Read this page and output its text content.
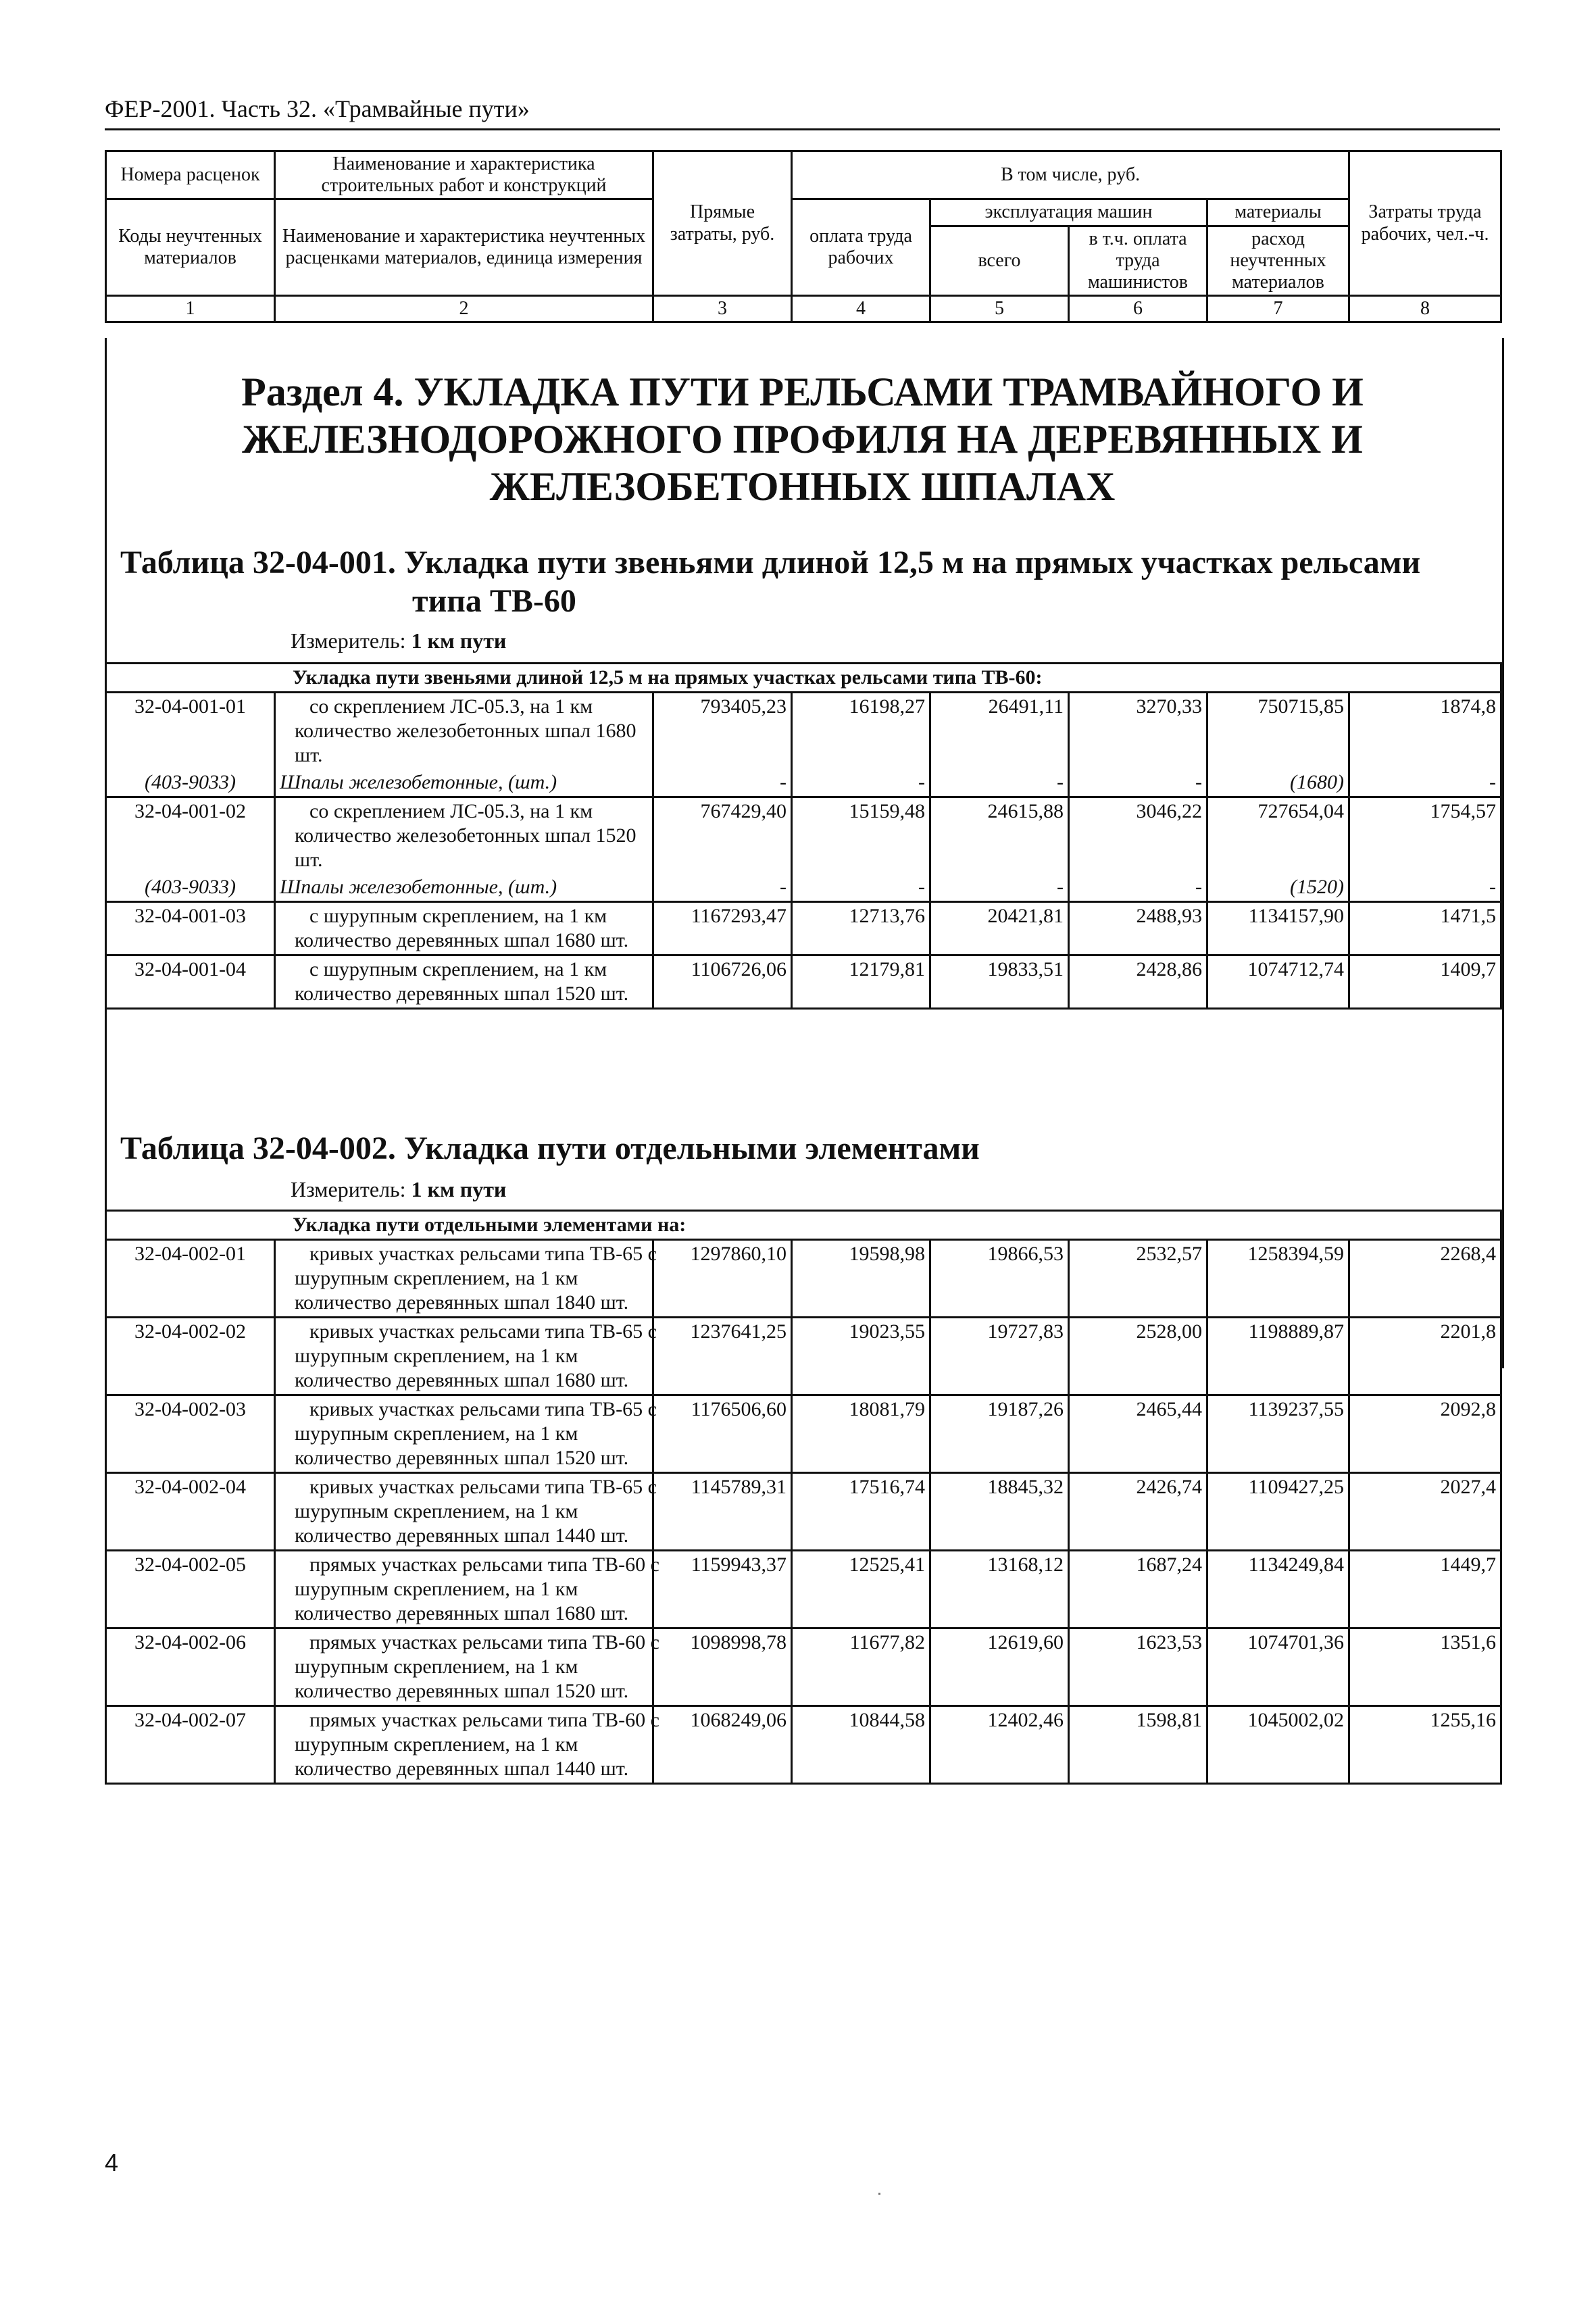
ФЕР-2001. Часть 32. «Трамвайные пути»
Номера расценок	Наименование и характеристика строительных работ и конструкций	Прямые затраты, руб.	В том числе, руб.				Затраты труда рабочих, чел.-ч.
Коды неучтенных материалов	Наименование и характеристика неучтенных расценками материалов, единица измерения		оплата труда рабочих	эксплуатация машин		материалы	
				всего	в т.ч. оплата труда машинистов	расход неучтенных материалов	
1	2	3	4	5	6	7	8
Раздел 4. УКЛАДКА ПУТИ РЕЛЬСАМИ ТРАМВАЙНОГО И ЖЕЛЕЗНОДОРОЖНОГО ПРОФИЛЯ НА ДЕРЕВЯННЫХ И ЖЕЛЕЗОБЕТОННЫХ ШПАЛАХ
Таблица 32-04-001. Укладка пути звеньями длиной 12,5 м на прямых участках рельсами
типа ТВ-60
Измеритель: 1 км пути
Укладка пути звеньями длиной 12,5 м на прямых участках рельсами типа ТВ-60:							
32-04-001-01	со скреплением ЛС-05.3, на 1 км количество железобетонных шпал 1680 шт.	793405,23	16198,27	26491,11	3270,33	750715,85	1874,8
(403-9033)	Шпалы железобетонные, (шт.)	-	-	-	-	(1680)	-
32-04-001-02	со скреплением ЛС-05.3, на 1 км количество железобетонных шпал 1520 шт.	767429,40	15159,48	24615,88	3046,22	727654,04	1754,57
(403-9033)	Шпалы железобетонные, (шт.)	-	-	-	-	(1520)	-
32-04-001-03	с шурупным скреплением, на 1 км количество деревянных шпал 1680 шт.	1167293,47	12713,76	20421,81	2488,93	1134157,90	1471,5
32-04-001-04	с шурупным скреплением, на 1 км количество деревянных шпал 1520 шт.	1106726,06	12179,81	19833,51	2428,86	1074712,74	1409,7
Таблица 32-04-002. Укладка пути отдельными элементами
Измеритель: 1 км пути
Укладка пути отдельными элементами на:							
32-04-002-01	кривых участках рельсами типа ТВ-65 с шурупным скреплением, на 1 км количество деревянных шпал 1840 шт.	1297860,10	19598,98	19866,53	2532,57	1258394,59	2268,4
32-04-002-02	кривых участках рельсами типа ТВ-65 с шурупным скреплением, на 1 км количество деревянных шпал 1680 шт.	1237641,25	19023,55	19727,83	2528,00	1198889,87	2201,8
32-04-002-03	кривых участках рельсами типа ТВ-65 с шурупным скреплением, на 1 км количество деревянных шпал 1520 шт.	1176506,60	18081,79	19187,26	2465,44	1139237,55	2092,8
32-04-002-04	кривых участках рельсами типа ТВ-65 с шурупным скреплением, на 1 км количество деревянных шпал 1440 шт.	1145789,31	17516,74	18845,32	2426,74	1109427,25	2027,4
32-04-002-05	прямых участках рельсами типа ТВ-60 с шурупным скреплением, на 1 км количество деревянных шпал 1680 шт.	1159943,37	12525,41	13168,12	1687,24	1134249,84	1449,7
32-04-002-06	прямых участках рельсами типа ТВ-60 с шурупным скреплением, на 1 км количество деревянных шпал 1520 шт.	1098998,78	11677,82	12619,60	1623,53	1074701,36	1351,6
32-04-002-07	прямых участках рельсами типа ТВ-60 с шурупным скреплением, на 1 км количество деревянных шпал 1440 шт.	1068249,06	10844,58	12402,46	1598,81	1045002,02	1255,16
4
